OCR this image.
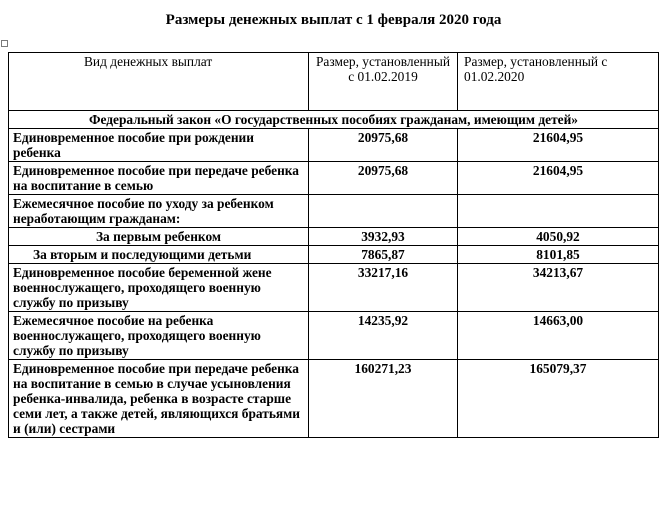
Размеры денежных выплат с 1 февраля 2020 года
Вид денежных выплат	Размер, установленный с 01.02.2019	Размер, установленный с 01.02.2020
Федеральный закон «О государственных пособиях гражданам, имеющим детей»		
Единовременное пособие при рождении ребенка	20975,68	21604,95
Единовременное пособие при передаче ребенка на воспитание в семью	20975,68	21604,95
Ежемесячное пособие по уходу за ребенком неработающим гражданам:		
За первым ребенком	3932,93	4050,92
За вторым и последующими детьми	7865,87	8101,85
Единовременное пособие беременной жене военнослужащего, проходящего военную службу по призыву	33217,16	34213,67
Ежемесячное пособие на ребенка военнослужащего, проходящего военную службу по призыву	14235,92	14663,00
Единовременное пособие при передаче ребенка на воспитание в семью в случае усыновления ребенка-инвалида, ребенка в возрасте старше семи лет, а также детей, являющихся братьями и (или) сестрами	160271,23	165079,37
